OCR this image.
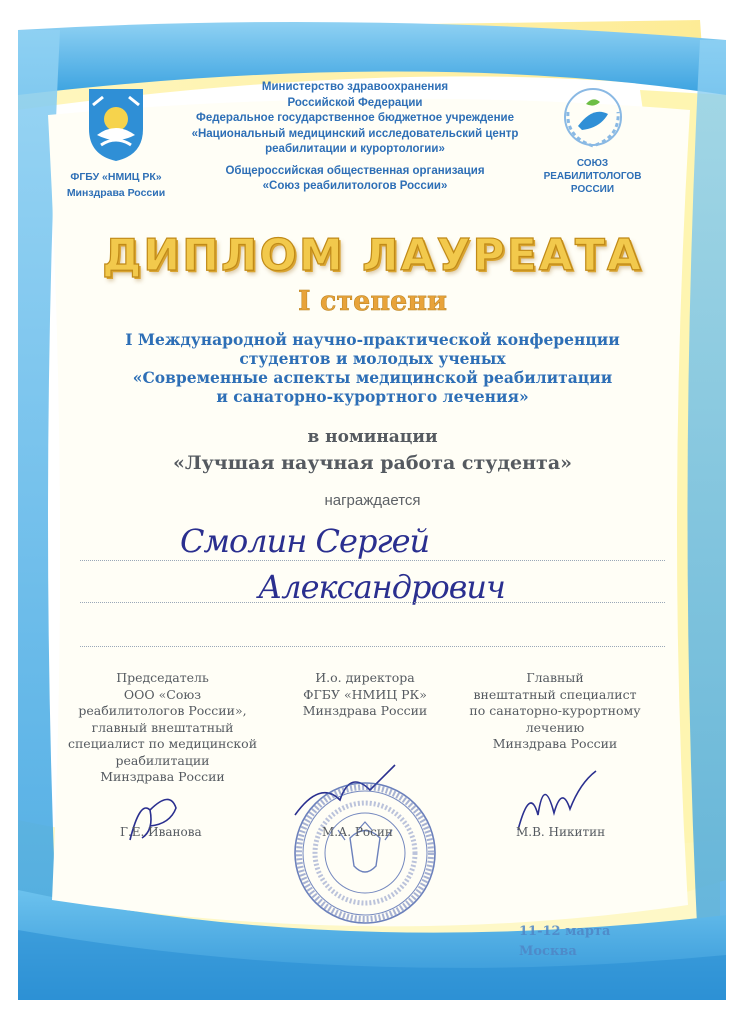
ФГБУ «НМИЦ РК»
Минздрава России
СОЮЗ
РЕАБИЛИТОЛОГОВ
РОССИИ
Министерство здравоохранения
Российской Федерации
Федеральное государственное бюджетное учреждение
«Национальный медицинский исследовательский центр
реабилитации и курортологии»
Общероссийская общественная организация
«Союз реабилитологов России»
ДИПЛОМ ЛАУРЕАТА
I степени
I Международной научно-практической конференции
студентов и молодых ученых
«Современные аспекты медицинской реабилитации
и санаторно-курортного лечения»
в номинации
«Лучшая научная работа студента»
награждается
Смолин Сергей
Александрович
Председатель
ООО «Союз
реабилитологов России»,
главный внештатный
специалист по медицинской
реабилитации
Минздрава России
И.о. директора
ФГБУ «НМИЦ РК»
Минздрава России
Главный
внештатный специалист
по санаторно-курортному
лечению
Минздрава России
Г.Е. Иванова	М.А. Росин	М.В. Никитин
11-12 марта
Москва
